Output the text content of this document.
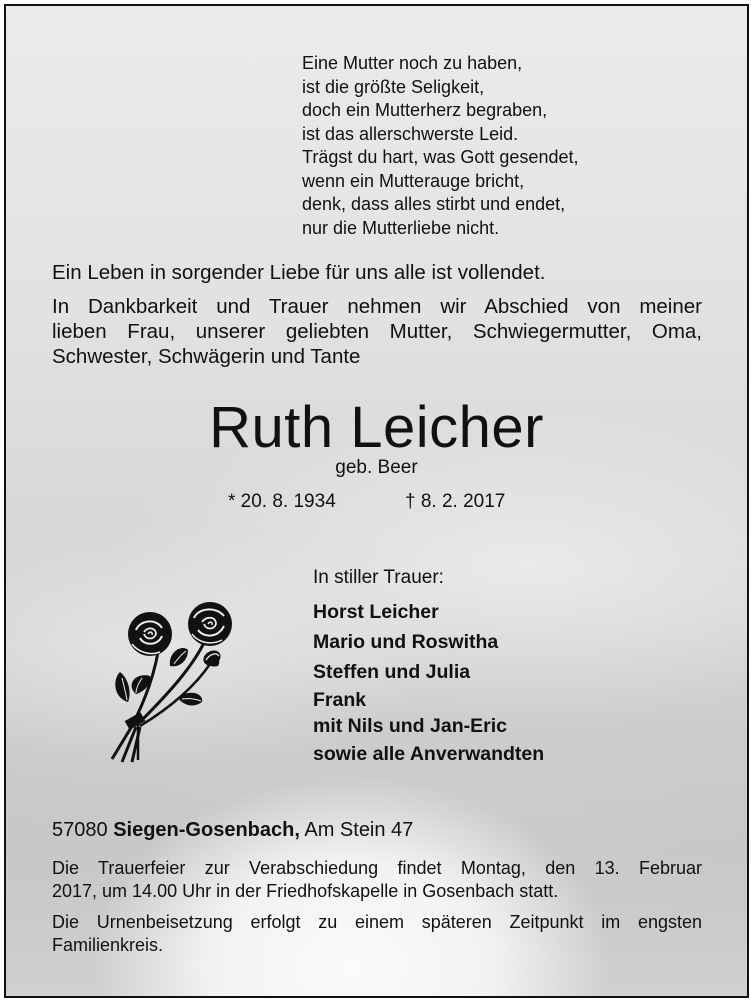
Eine Mutter noch zu haben,
ist die größte Seligkeit,
doch ein Mutterherz begraben,
ist das allerschwerste Leid.
Trägst du hart, was Gott gesendet,
wenn ein Mutterauge bricht,
denk, dass alles stirbt und endet,
nur die Mutterliebe nicht.
Ein Leben in sorgender Liebe für uns alle ist vollendet.
In Dankbarkeit und Trauer nehmen wir Abschied von meiner
lieben Frau, unserer geliebten Mutter, Schwiegermutter, Oma,
Schwester, Schwägerin und Tante
Ruth Leicher
geb. Beer
* 20. 8. 1934	† 8. 2. 2017
In stiller Trauer:
Horst Leicher
Mario und Roswitha
Steffen und Julia
Frank
mit Nils und Jan-Eric
sowie alle Anverwandten
57080 Siegen-Gosenbach, Am Stein 47
Die Trauerfeier zur Verabschiedung findet Montag, den 13. Februar
2017, um 14.00 Uhr in der Friedhofskapelle in Gosenbach statt.
Die Urnenbeisetzung erfolgt zu einem späteren Zeitpunkt im engsten
Familienkreis.
